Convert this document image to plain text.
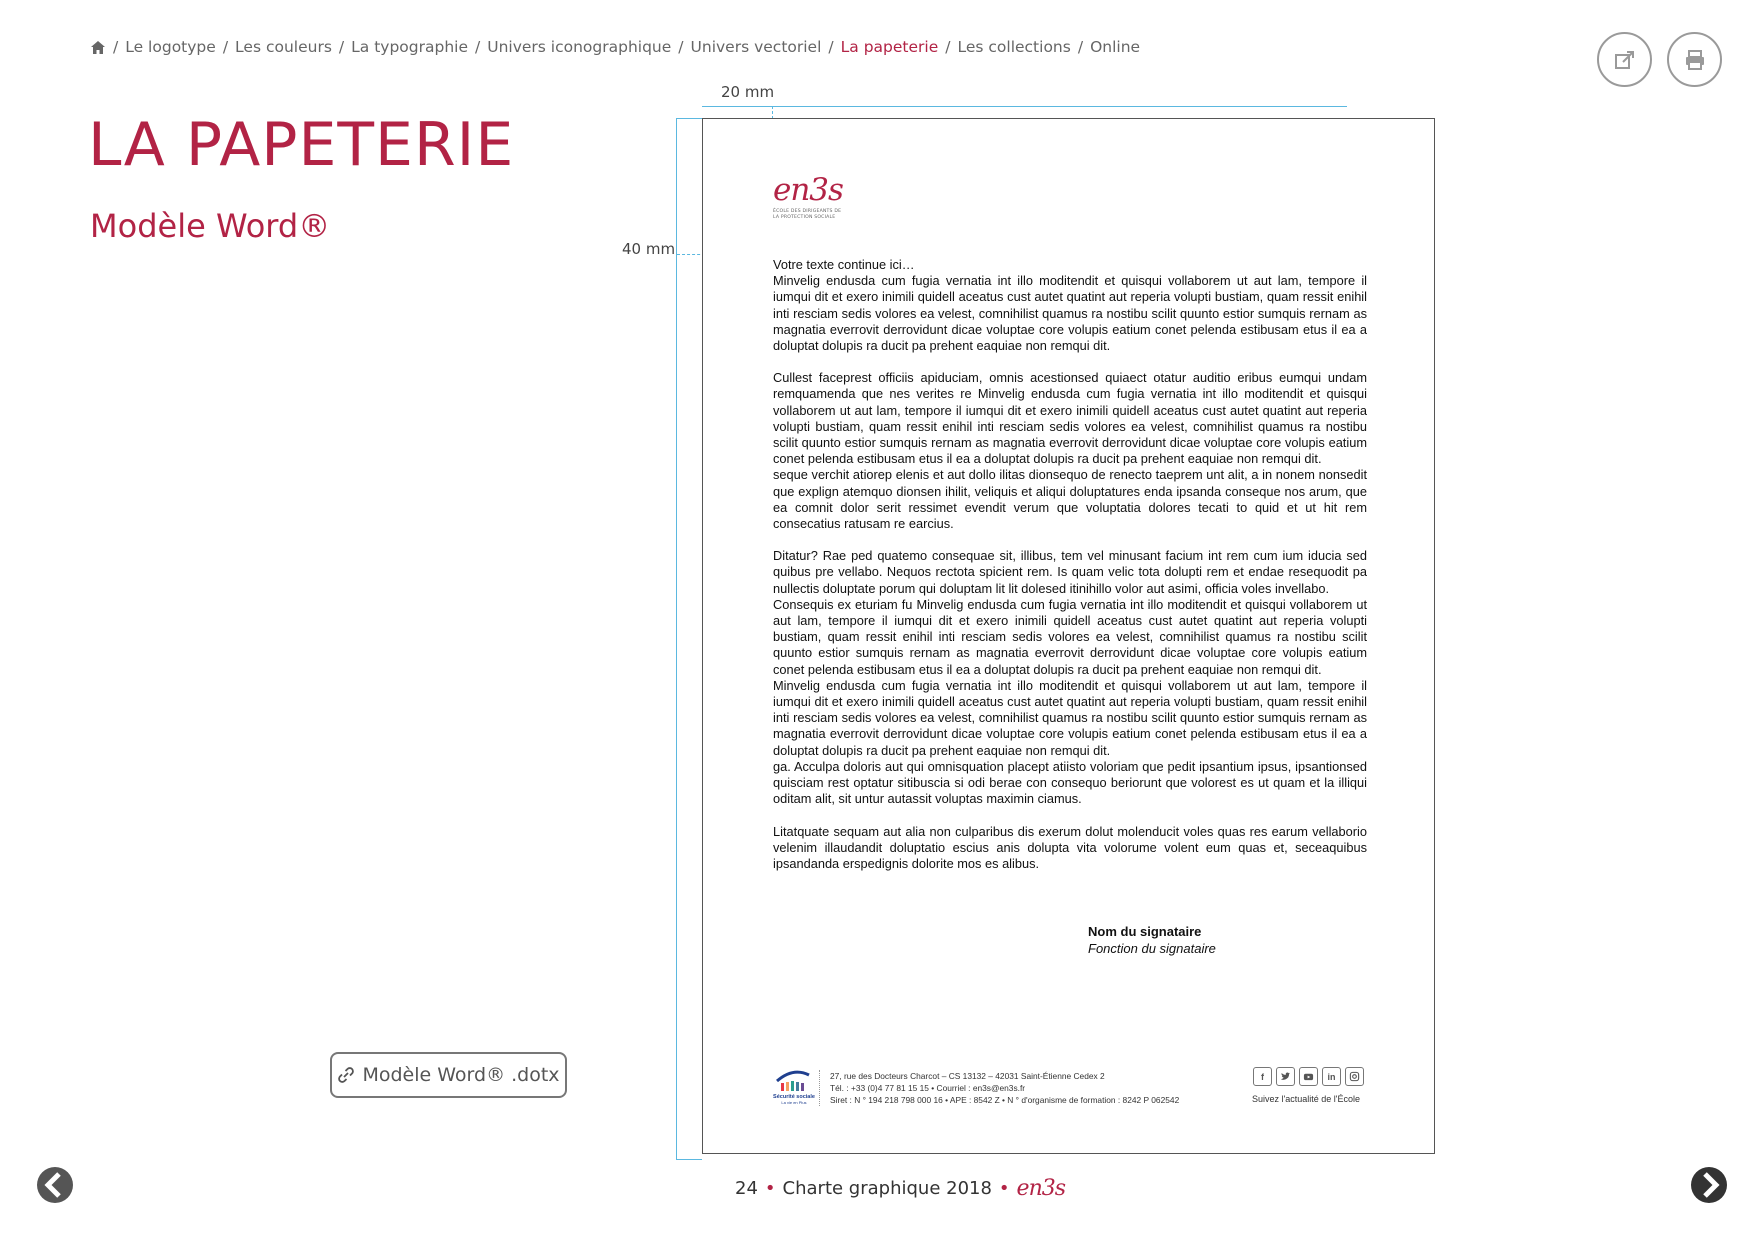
/ Le logotype / Les couleurs / La typographie / Univers iconographique / Univers vectoriel / La papeterie / Les collections / Online
LA PAPETERIE
Modèle Word®
Modèle Word® .dotx
20 mm
40 mm
en3s
ÉCOLE DES DIRIGEANTS DE
LA PROTECTION SOCIALE

Votre texte continue ici…

Minvelig endusda cum fugia vernatia int illo moditendit et quisqui vollaborem ut aut lam, tempore il iumqui dit et exero inimili quidell aceatus cust autet quatint aut reperia volupti bustiam, quam ressit enihil inti resciam sedis volores ea velest, comnihilist quamus ra nostibu scilit quunto estior sumquis rernam as magnatia everrovit derrovidunt dicae voluptae core volupis eatium conet pelenda estibusam etus il ea a doluptat dolupis ra ducit pa prehent eaquiae non remqui dit.

Cullest faceprest officiis apiduciam, omnis acestionsed quiaect otatur auditio eribus eumqui undam remquamenda que nes verites re Minvelig endusda cum fugia vernatia int illo moditendit et quisqui vollaborem ut aut lam, tempore il iumqui dit et exero inimili quidell aceatus cust autet quatint aut reperia volupti bustiam, quam ressit enihil inti resciam sedis volores ea velest, comnihilist quamus ra nostibu scilit quunto estior sumquis rernam as magnatia everrovit derrovidunt dicae voluptae core volupis eatium conet pelenda estibusam etus il ea a doluptat dolupis ra ducit pa prehent eaquiae non remqui dit.

seque verchit atiorep elenis et aut dollo ilitas dionsequo de renecto taeprem unt alit, a in nonem nonsedit que explign atemquo dionsen ihilit, veliquis et aliqui doluptatures enda ipsanda conseque nos arum, que ea comnit dolor serit ressimet evendit verum que voluptatia dolores tecati to quid et ut hit rem consecatius ratusam re earcius.

Ditatur? Rae ped quatemo consequae sit, illibus, tem vel minusant facium int rem cum ium iducia sed quibus pre vellabo. Nequos rectota spicient rem. Is quam velic tota dolupti rem et endae resequodit pa nullectis doluptate porum qui doluptam lit lit dolesed itinihillo volor aut asimi, officia voles invellabo.

Consequis ex eturiam fu Minvelig endusda cum fugia vernatia int illo moditendit et quisqui vollaborem ut aut lam, tempore il iumqui dit et exero inimili quidell aceatus cust autet quatint aut reperia volupti bustiam, quam ressit enihil inti resciam sedis volores ea velest, comnihilist quamus ra nostibu scilit quunto estior sumquis rernam as magnatia everrovit derrovidunt dicae voluptae core volupis eatium conet pelenda estibusam etus il ea a doluptat dolupis ra ducit pa prehent eaquiae non remqui dit.

Minvelig endusda cum fugia vernatia int illo moditendit et quisqui vollaborem ut aut lam, tempore il iumqui dit et exero inimili quidell aceatus cust autet quatint aut reperia volupti bustiam, quam ressit enihil inti resciam sedis volores ea velest, comnihilist quamus ra nostibu scilit quunto estior sumquis rernam as magnatia everrovit derrovidunt dicae voluptae core volupis eatium conet pelenda estibusam etus il ea a doluptat dolupis ra ducit pa prehent eaquiae non remqui dit.

ga. Acculpa doloris aut qui omnisquation placept atiisto voloriam que pedit ipsantium ipsus, ipsantionsed quisciam rest optatur sitibuscia si odi berae con consequo beriorunt que volorest es ut quam et la illiqui oditam alit, sit untur autassit voluptas maximin ciamus.

Litatquate sequam aut alia non culparibus dis exerum dolut molenducit voles quas res earum vellaborio velenim illaudandit doluptatio escius anis dolupta vita volorume volent eum quas et, seceaquibus ipsandanda erspedignis dolorite mos es alibus.

Nom du signataire
Fonction du signataire
Sécurité sociale
La vie en Plus
27, rue des Docteurs Charcot – CS 13132 – 42031 Saint-Étienne Cedex 2
Tél. : +33 (0)4 77 81 15 15 • Courriel : en3s@en3s.fr
Siret : N ° 194 218 798 000 16 • APE : 8542 Z • N ° d'organisme de formation : 8242 P 062542
f	in
Suivez l'actualité de l'École
24 • Charte graphique 2018 • en3s
